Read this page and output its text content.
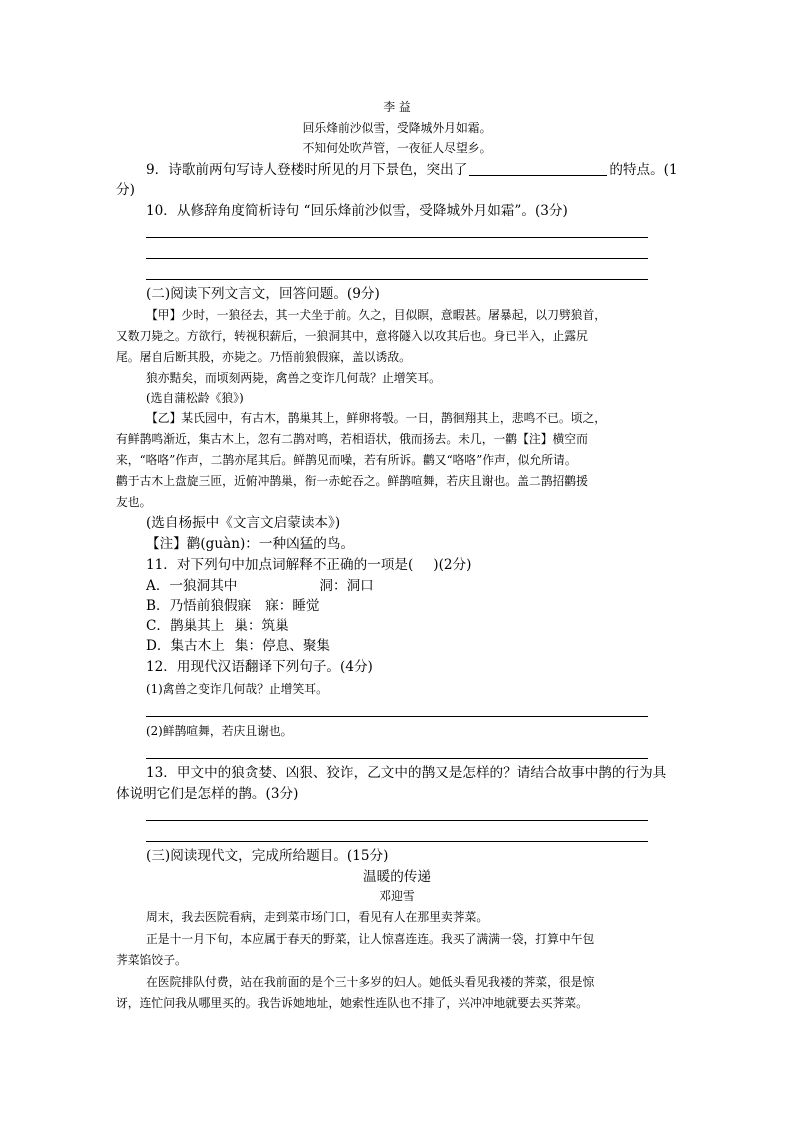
李 益
回乐烽前沙似雪，受降城外月如霜。
不知何处吹芦管，一夜征人尽望乡。
9．诗歌前两句写诗人登楼时所见的月下景色，突出了	的特点。(1
分)
10．从修辞角度简析诗句 “回乐烽前沙似雪，受降城外月如霜”。(3分)
(二)阅读下列文言文，回答问题。(9分)
【甲】少时，一狼径去，其一犬坐于前。久之，目似瞑，意暇甚。屠暴起，以刀劈狼首，
又数刀毙之。方欲行，转视积薪后，一狼洞其中，意将隧入以攻其后也。身已半入，止露尻
尾。屠自后断其股，亦毙之。乃悟前狼假寐，盖以诱敌。
狼亦黠矣，而顷刻两毙，禽兽之变诈几何哉？止增笑耳。
(选自蒲松龄《狼》)
【乙】某氏园中，有古木，鹊巢其上，鲜卵将彀。一日，鹊徊翔其上，悲鸣不已。顷之，
有鲜鹊鸣渐近，集古木上，忽有二鹊对鸣，若相语状，俄而扬去。未几，一鹳【注】横空而
来，“咯咯”作声，二鹊亦尾其后。鲜鹊见而噪，若有所诉。鹳又“咯咯”作声，似允所请。
鹳于古木上盘旋三匝，近俯冲鹊巢，衔一赤蛇吞之。鲜鹊喧舞，若庆且谢也。盖二鹊招鹳援
友也。
(选自杨振中《文言文启蒙读本》)
【注】鹳(guàn)：一种凶猛的鸟。
11．对下列句中加点词解释不正确的一项是( )(2分)
A．一狼洞其中	洞：洞口
B．乃悟前狼假寐 寐：睡觉
C．鹊巢其上 巢：筑巢
D．集古木上 集：停息、聚集
12．用现代汉语翻译下列句子。(4分)
(1)禽兽之变诈几何哉？止增笑耳。
(2)鲜鹊喧舞，若庆且谢也。
13．甲文中的狼贪婪、凶狠、狡诈，乙文中的鹊又是怎样的？请结合故事中鹊的行为具
体说明它们是怎样的鹊。(3分)
(三)阅读现代文，完成所给题目。(15分)
温暖的传递
邓迎雪
周末，我去医院看病，走到菜市场门口，看见有人在那里卖荠菜。
正是十一月下旬，本应属于春天的野菜，让人惊喜连连。我买了满满一袋，打算中午包
荠菜馅饺子。
在医院排队付费，站在我前面的是个三十多岁的妇人。她低头看见我褛的荠菜，很是惊
讶，连忙问我从哪里买的。我告诉她地址，她索性连队也不排了，兴冲冲地就要去买荠菜。
